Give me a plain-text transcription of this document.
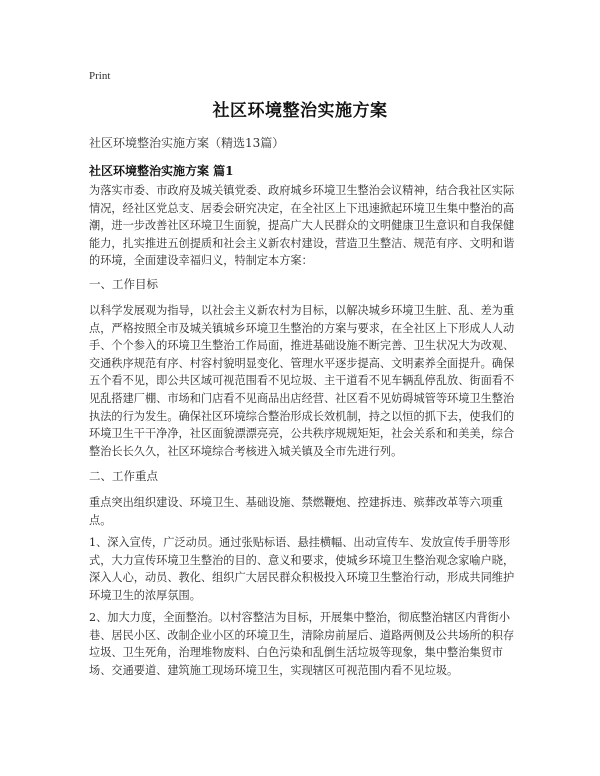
Print
社区环境整治实施方案
社区环境整治实施方案（精选13篇）
社区环境整治实施方案 篇1

为落实市委、市政府及城关镇党委、政府城乡环境卫生整治会议精神，结合我社区实际情况，经社区党总支、居委会研究决定，在全社区上下迅速掀起环境卫生集中整治的高潮，进一步改善社区环境卫生面貌，提高广大人民群众的文明健康卫生意识和自我保健能力，扎实推进五创提质和社会主义新农村建设，营造卫生整洁、规范有序、文明和谐的环境，全面建设幸福归义，特制定本方案：

一、工作目标

以科学发展观为指导，以社会主义新农村为目标，以解决城乡环境卫生脏、乱、差为重点，严格按照全市及城关镇城乡环境卫生整治的方案与要求，在全社区上下形成人人动手、个个参入的环境卫生整治工作局面，推进基础设施不断完善、卫生状况大为改观、交通秩序规范有序、村容村貌明显变化、管理水平逐步提高、文明素养全面提升。确保五个看不见，即公共区域可视范围看不见垃圾、主干道看不见车辆乱停乱放、街面看不见乱搭建厂棚、市场和门店看不见商品出店经营、社区看不见妨碍城管等环境卫生整治执法的行为发生。确保社区环境综合整治形成长效机制，持之以恒的抓下去，使我们的环境卫生干干净净，社区面貌漂漂亮亮，公共秩序规规矩矩，社会关系和和美美，综合整治长长久久，社区环境综合考核进入城关镇及全市先进行列。

二、工作重点

重点突出组织建设、环境卫生、基础设施、禁燃鞭炮、控建拆违、殡葬改革等六项重点。

1、深入宣传，广泛动员。通过张贴标语、悬挂横幅、出动宣传车、发放宣传手册等形式，大力宣传环境卫生整治的目的、意义和要求，使城乡环境卫生整治观念家喻户晓，深入人心，动员、教化、组织广大居民群众积极投入环境卫生整治行动，形成共同维护环境卫生的浓厚氛围。

2、加大力度，全面整治。以村容整洁为目标，开展集中整治，彻底整治辖区内背街小巷、居民小区、改制企业小区的环境卫生，清除房前屋后、道路两侧及公共场所的积存垃圾、卫生死角，治理堆物废料、白色污染和乱倒生活垃圾等现象，集中整治集贸市场、交通要道、建筑施工现场环境卫生，实现辖区可视范围内看不见垃圾。
